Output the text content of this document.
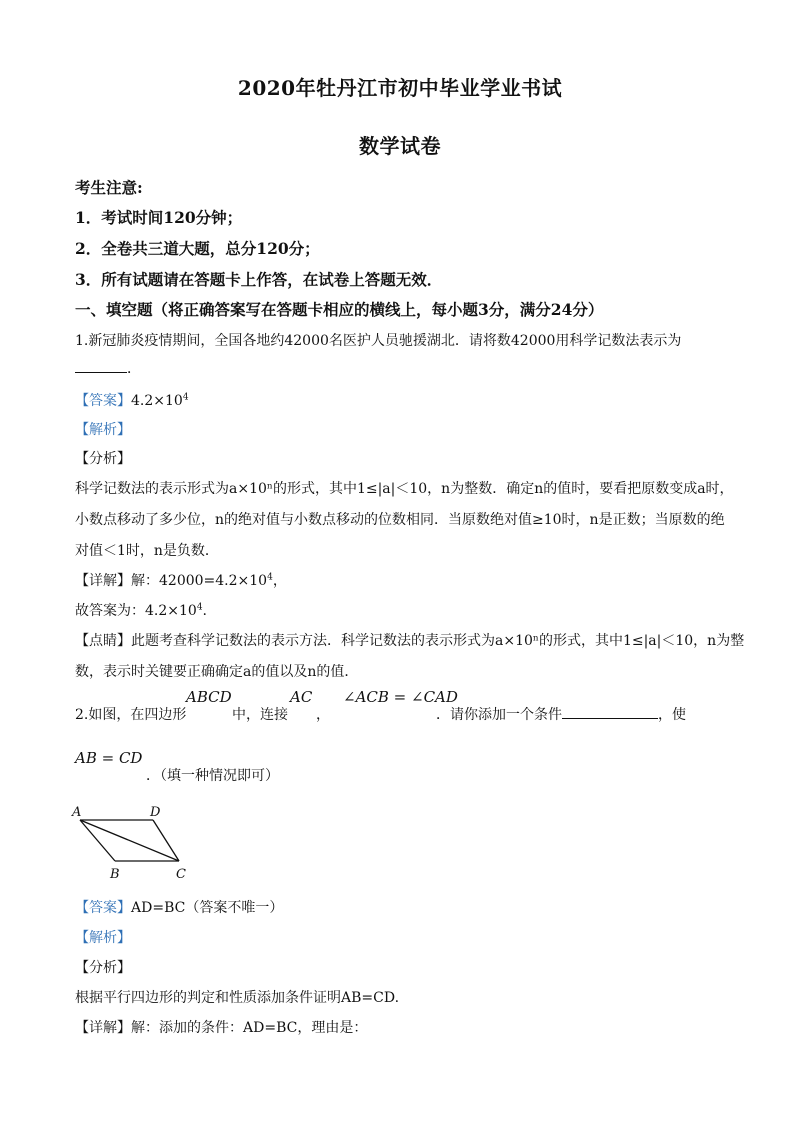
2020年牡丹江市初中毕业学业书试
数学试卷
考生注意:
1．考试时间120分钟；
2．全卷共三道大题，总分120分；
3．所有试题请在答题卡上作答，在试卷上答题无效．
一、填空题（将正确答案写在答题卡相应的横线上，每小题3分，满分24分）
1.新冠肺炎疫情期间，全国各地约42000名医护人员驰援湖北．请将数42000用科学记数法表示为
．
【答案】$4.2\times 10^4$
【解析】
【分析】
科学记数法的表示形式为a×10ⁿ的形式，其中1≤|a|＜10，n为整数．确定n的值时，要看把原数变成a时，
小数点移动了多少位，n的绝对值与小数点移动的位数相同．当原数绝对值≥10时，n是正数；当原数的绝
对值＜1时，n是负数．
【详解】解：$42000=4.2\times 10^4$，
故答案为：$4.2\times 10^4$.
【点睛】此题考查科学记数法的表示方法．科学记数法的表示形式为a×10ⁿ的形式，其中1≤|a|＜10，n为整
数，表示时关键要正确确定a的值以及n的值．
2.如图，在四边形
ABCD
中，连接
AC
，
∠ACB = ∠CAD
．请你添加一个条件	，使
AB = CD
．（填一种情况即可）
A	D
B	C
【答案】AD=BC（答案不唯一）
【解析】
【分析】
根据平行四边形的判定和性质添加条件证明AB=CD.
【详解】解：添加的条件：AD=BC，理由是：
